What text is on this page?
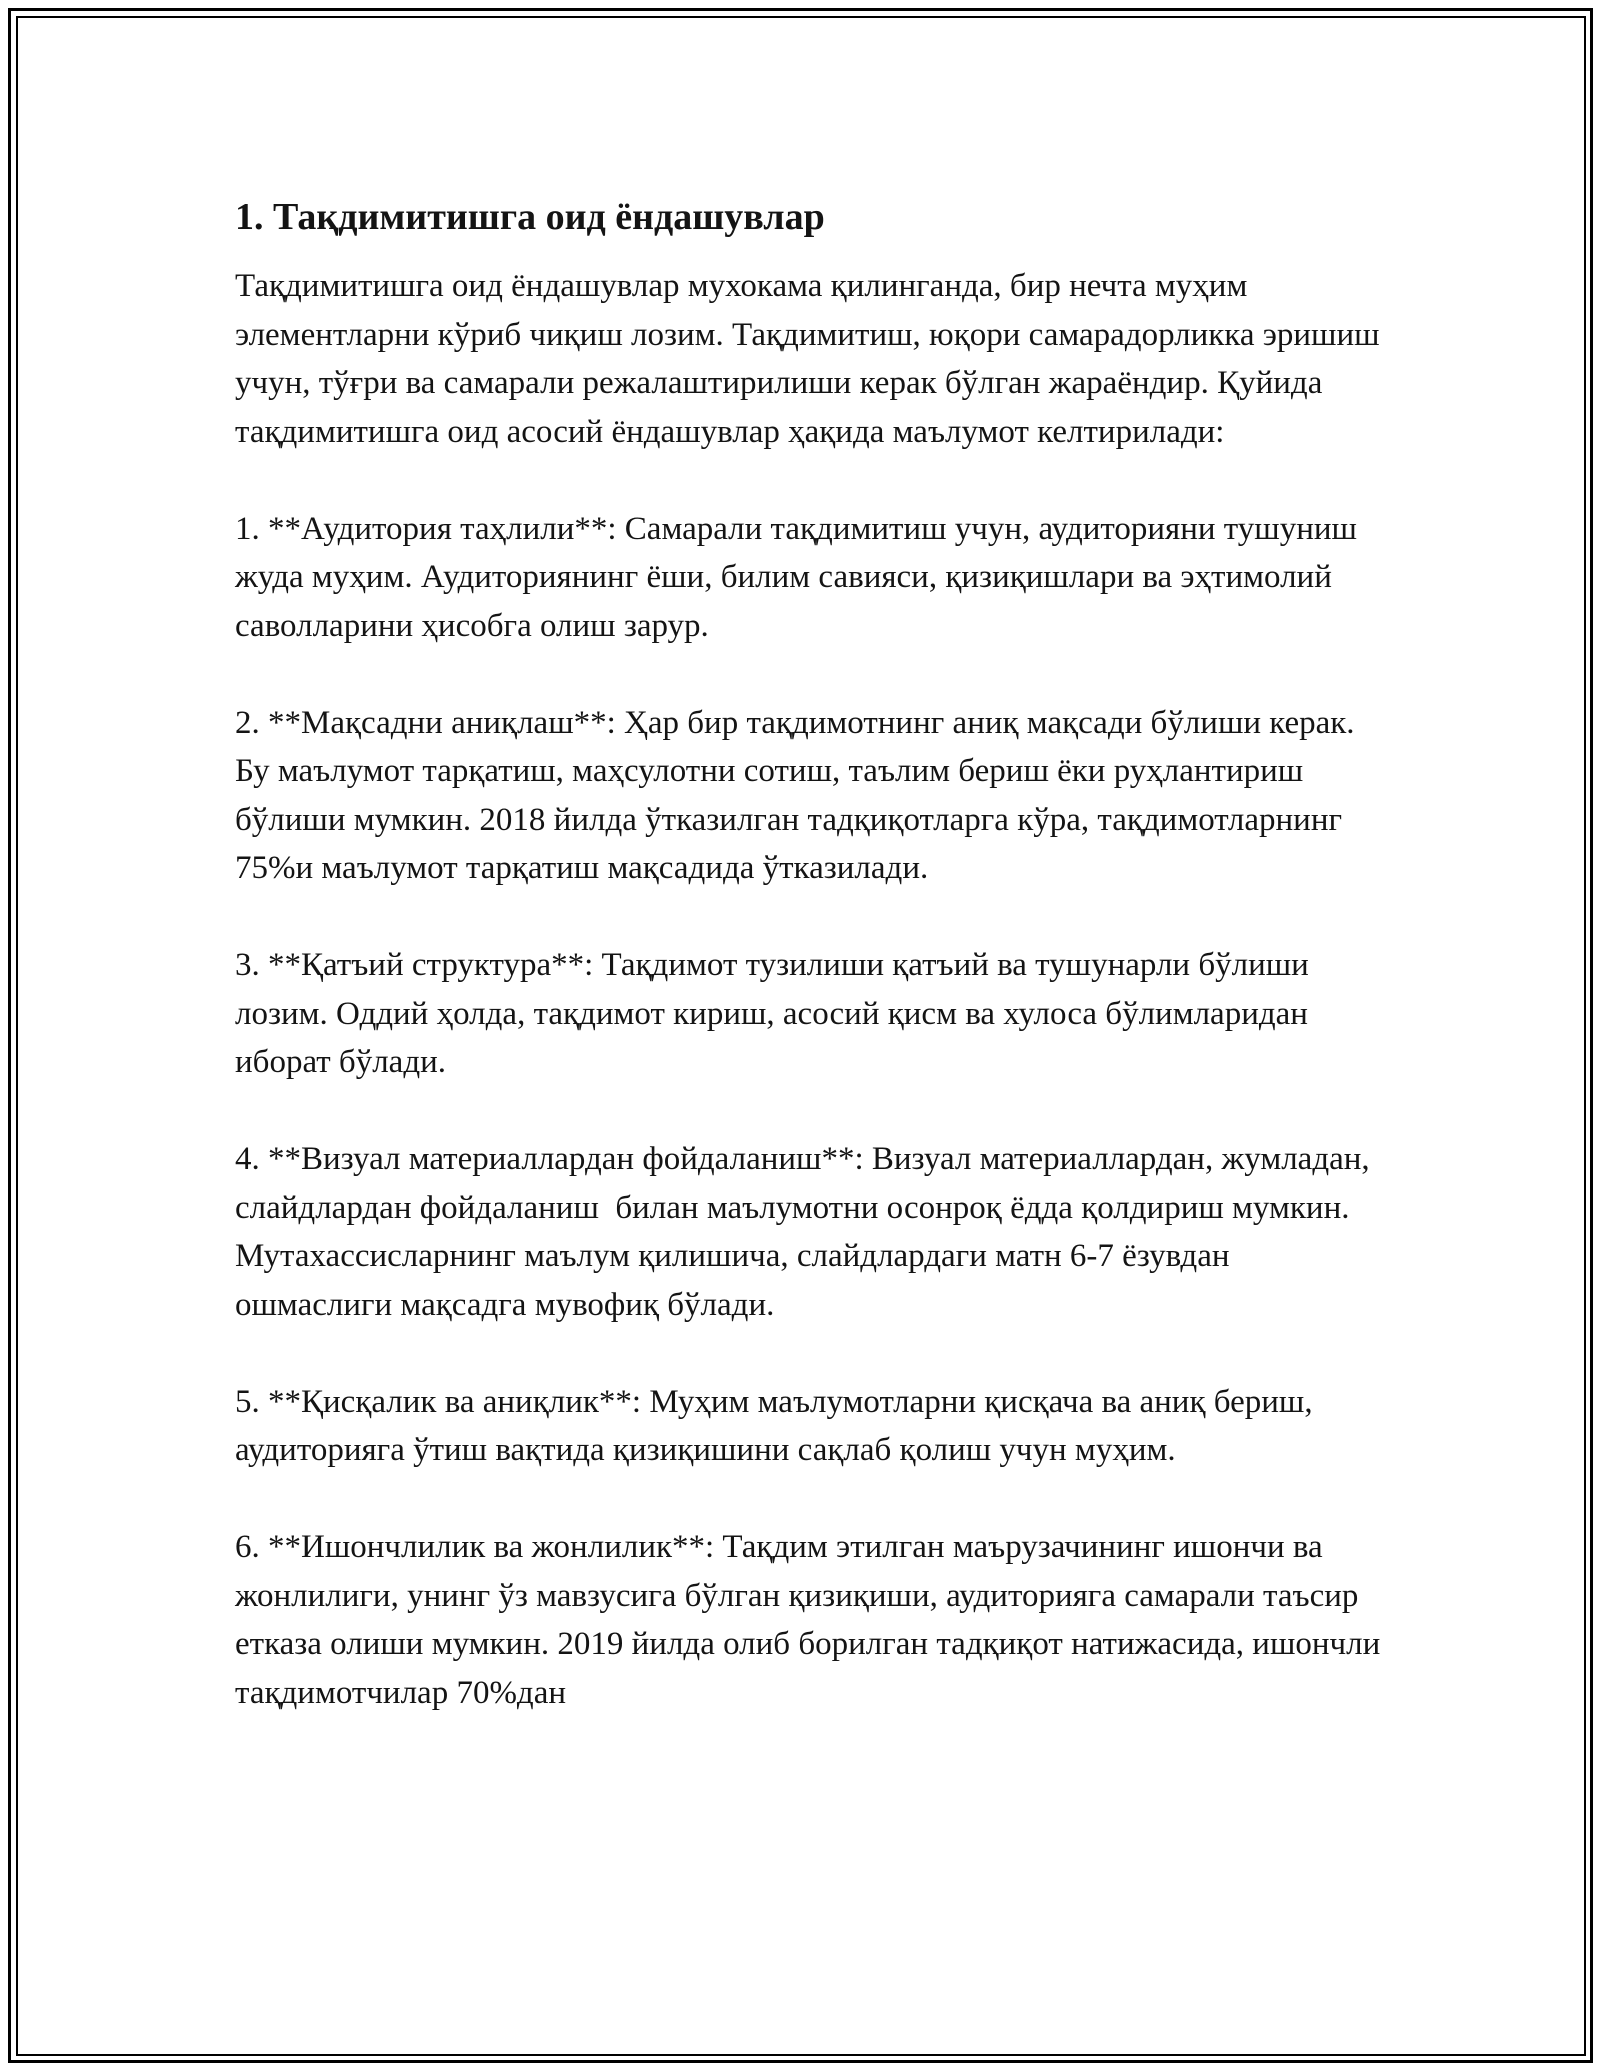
1. Тақдимитишга оид ёндашувлар

Тақдимитишга оид ёндашувлар мухокама қилинганда, бир нечта муҳим элементларни кўриб чиқиш лозим. Тақдимитиш, юқори самарадорликка эришиш учун, тўғри ва самарали режалаштирилиши керак бўлган жараёндир. Қуйида тақдимитишга оид асосий ёндашувлар ҳақида маълумот келтирилади:

1. **Аудитория таҳлили**: Самарали тақдимитиш учун, аудиторияни тушуниш жуда муҳим. Аудиториянинг ёши, билим савияси, қизиқишлари ва эҳтимолий саволларини ҳисобга олиш зарур.

2. **Мақсадни аниқлаш**: Ҳар бир тақдимотнинг аниқ мақсади бўлиши керак. Бу маълумот тарқатиш, маҳсулотни сотиш, таълим бериш ёки руҳлантириш бўлиши мумкин. 2018 йилда ўтказилган тадқиқотларга кўра, тақдимотларнинг 75%и маълумот тарқатиш мақсадида ўтказилади.

3. **Қатъий структура**: Тақдимот тузилиши қатъий ва тушунарли бўлиши лозим. Оддий ҳолда, тақдимот кириш, асосий қисм ва хулоса бўлимларидан иборат бўлади.

4. **Визуал материаллардан фойдаланиш**: Визуал материаллардан, жумладан, слайдлардан фойдаланиш  билан маълумотни осонроқ ёдда қолдириш мумкин. Мутахассисларнинг маълум қилишича, слайдлардаги матн 6-7 ёзувдан ошмаслиги мақсадга мувофиқ бўлади.

5. **Қисқалик ва аниқлик**: Муҳим маълумотларни қисқача ва аниқ бериш, аудиторияга ўтиш вақтида қизиқишини сақлаб қолиш учун муҳим.

6. **Ишончлилик ва жонлилик**: Тақдим этилган маърузачининг ишончи ва жонлилиги, унинг ўз мавзусига бўлган қизиқиши, аудиторияга самарали таъсир етказа олиши мумкин. 2019 йилда олиб борилган тадқиқот натижасида, ишончли тақдимотчилар 70%дан
